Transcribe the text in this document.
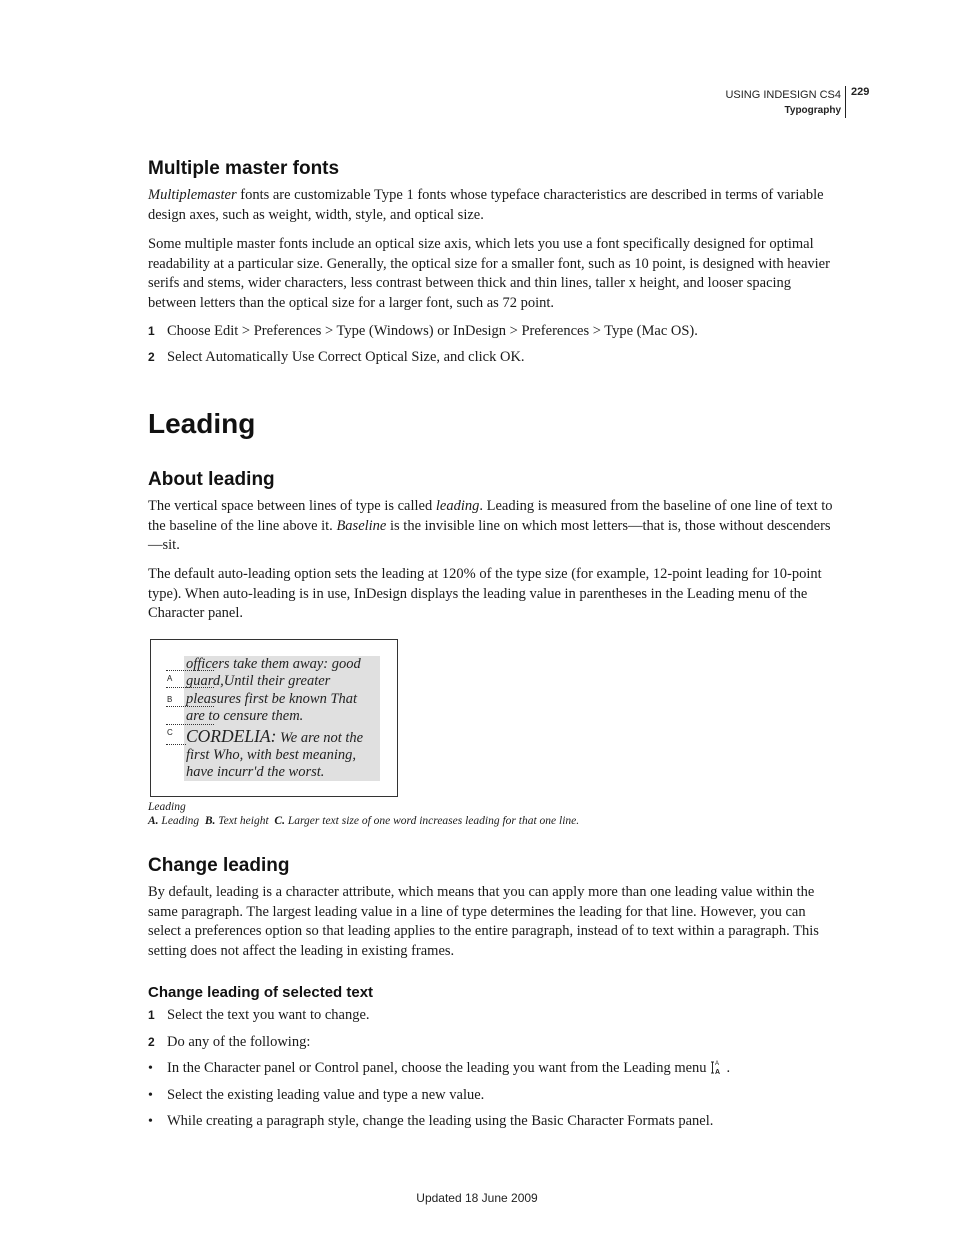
USING INDESIGN CS4
Typography
229
Multiple master fonts

Multiplemaster fonts are customizable Type 1 fonts whose typeface characteristics are described in terms of variable design axes, such as weight, width, style, and optical size.

Some multiple master fonts include an optical size axis, which lets you use a font specifically designed for optimal readability at a particular size. Generally, the optical size for a smaller font, such as 10 point, is designed with heavier serifs and stems, wider characters, less contrast between thick and thin lines, taller x height, and looser spacing between letters than the optical size for a larger font, such as 72 point.

1 Choose Edit > Preferences > Type (Windows) or InDesign > Preferences > Type (Mac OS).
2 Select Automatically Use Correct Optical Size, and click OK.
Leading
About leading

The vertical space between lines of type is called leading. Leading is measured from the baseline of one line of text to the baseline of the line above it. Baseline is the invisible line on which most letters—that is, those without descenders—sit.

The default auto-leading option sets the leading at 120% of the type size (for example, 12-point leading for 10-point type). When auto-leading is in use, InDesign displays the leading value in parentheses in the Leading menu of the Character panel.

A
B
C
officers take them away: good
guard,Until their greater
pleasures first be known That
are to censure them.
CORDELIA: We are not the
first Who, with best meaning,
have incurr'd the worst.
Leading
A. Leading B. Text height C. Larger text size of one word increases leading for that one line.
Change leading

By default, leading is a character attribute, which means that you can apply more than one leading value within the same paragraph. The largest leading value in a line of type determines the leading for that line. However, you can select a preferences option so that leading applies to the entire paragraph, instead of to text within a paragraph. This setting does not affect the leading in existing frames.

Change leading of selected text
1 Select the text you want to change.
2 Do any of the following:
• In the Character panel or Control panel, choose the leading you want from the Leading menu A
A .
• Select the existing leading value and type a new value.
• While creating a paragraph style, change the leading using the Basic Character Formats panel.
Updated 18 June 2009
